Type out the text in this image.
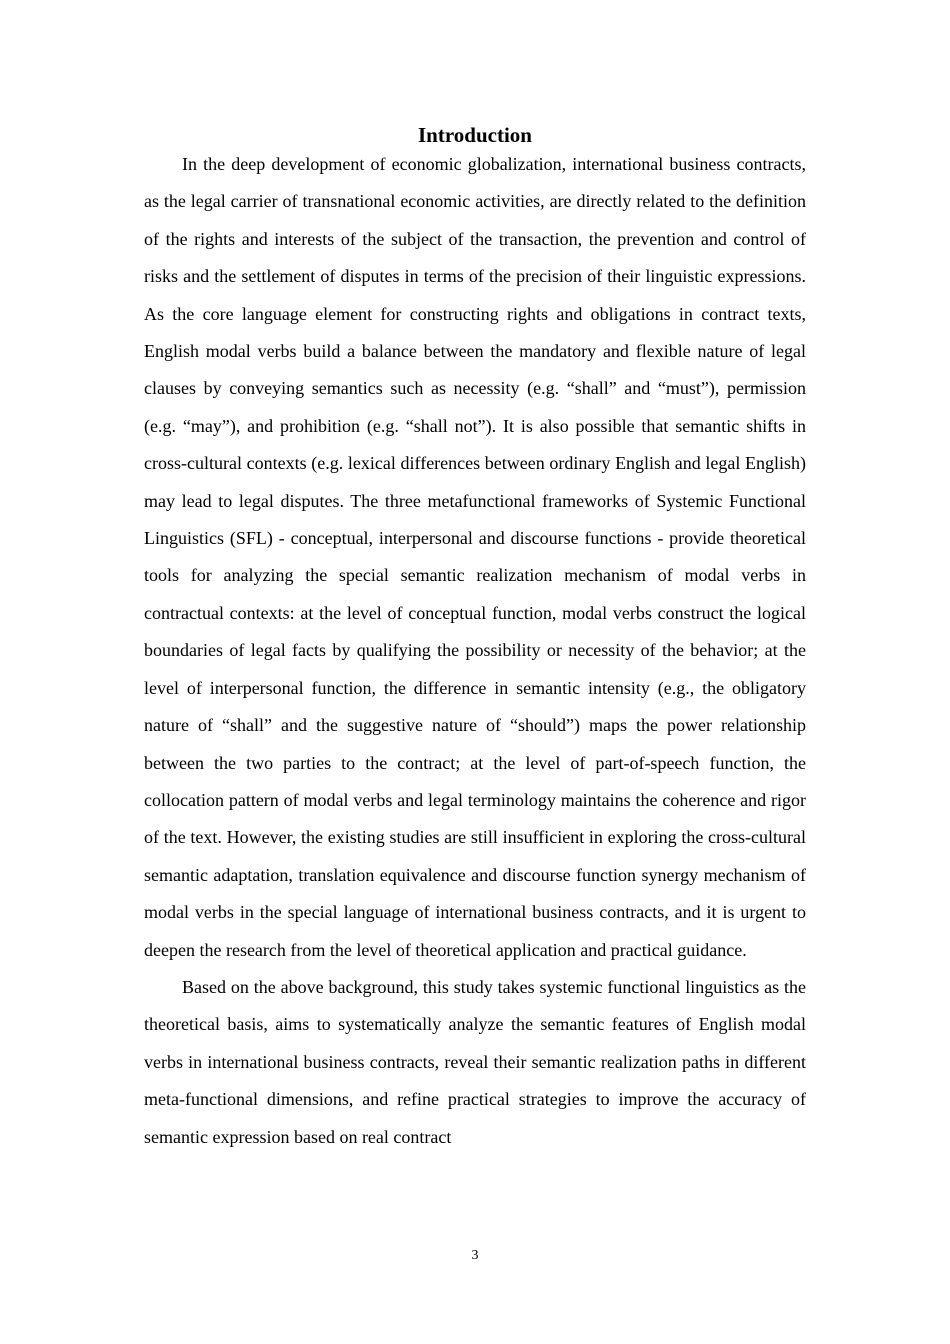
Introduction

In the deep development of economic globalization, international business contracts, as the legal carrier of transnational economic activities, are directly related to the definition of the rights and interests of the subject of the transaction, the prevention and control of risks and the settlement of disputes in terms of the precision of their linguistic expressions. As the core language element for constructing rights and obligations in contract texts, English modal verbs build a balance between the mandatory and flexible nature of legal clauses by conveying semantics such as necessity (e.g. “shall” and “must”), permission (e.g. “may”), and prohibition (e.g. “shall not”). It is also possible that semantic shifts in cross-cultural contexts (e.g. lexical differences between ordinary English and legal English) may lead to legal disputes. The three metafunctional frameworks of Systemic Functional Linguistics (SFL) - conceptual, interpersonal and discourse functions - provide theoretical tools for analyzing the special semantic realization mechanism of modal verbs in contractual contexts: at the level of conceptual function, modal verbs construct the logical boundaries of legal facts by qualifying the possibility or necessity of the behavior; at the level of interpersonal function, the difference in semantic intensity (e.g., the obligatory nature of “shall” and the suggestive nature of “should”) maps the power relationship between the two parties to the contract; at the level of part-of-speech function, the collocation pattern of modal verbs and legal terminology maintains the coherence and rigor of the text. However, the existing studies are still insufficient in exploring the cross-cultural semantic adaptation, translation equivalence and discourse function synergy mechanism of modal verbs in the special language of international business contracts, and it is urgent to deepen the research from the level of theoretical application and practical guidance.

Based on the above background, this study takes systemic functional linguistics as the theoretical basis, aims to systematically analyze the semantic features of English modal verbs in international business contracts, reveal their semantic realization paths in different meta-functional dimensions, and refine practical strategies to improve the accuracy of semantic expression based on real contract

3
